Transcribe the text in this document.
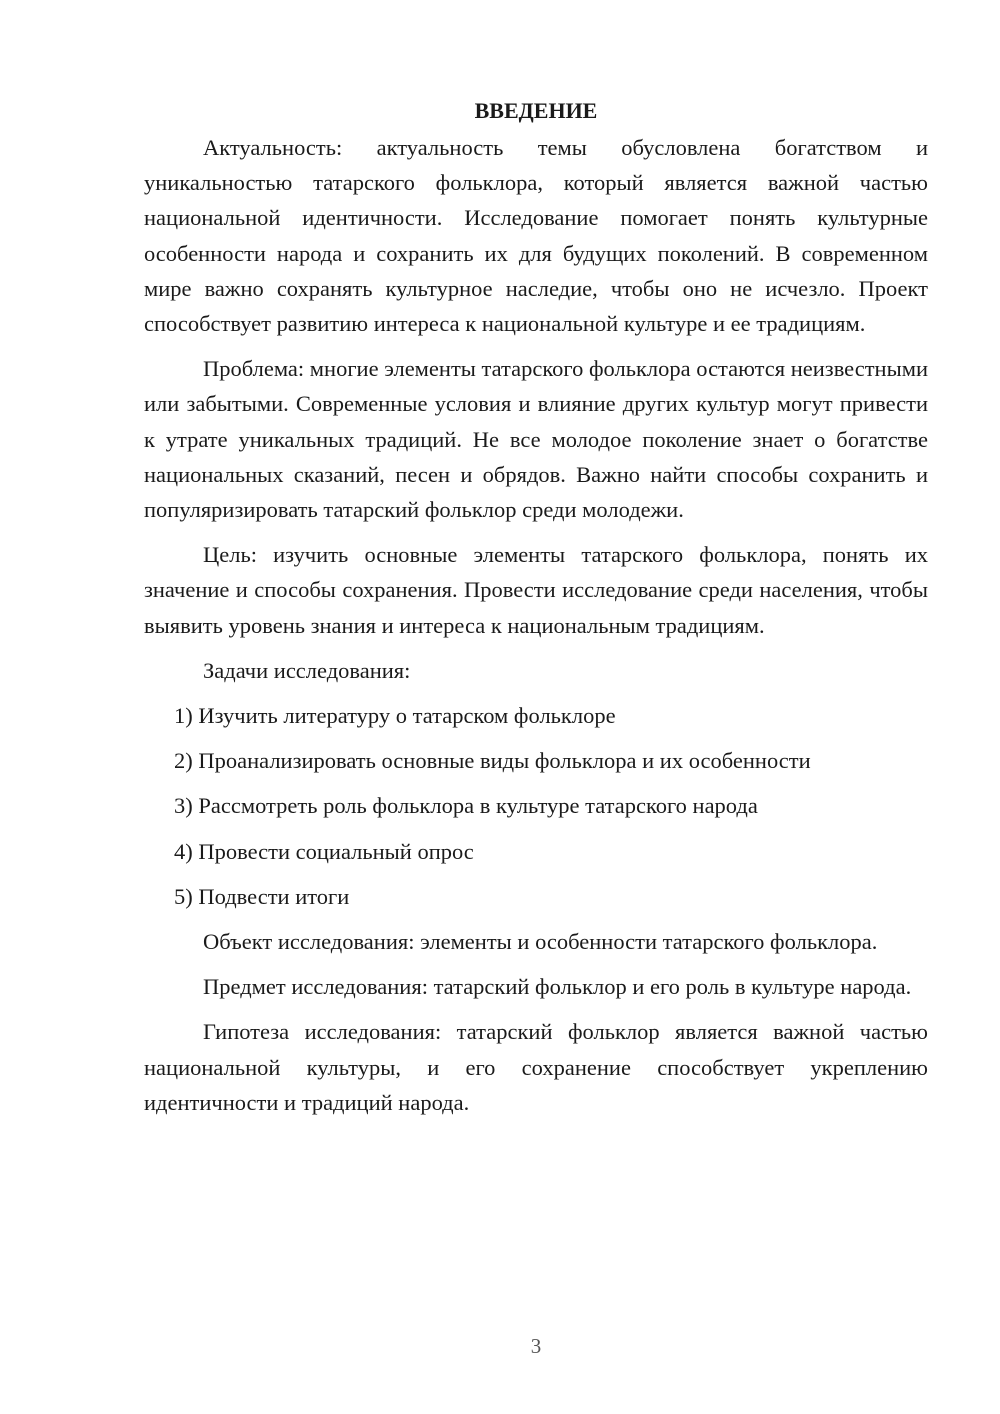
ВВЕДЕНИЕ

Актуальность: актуальность темы обусловлена богатством и уникальностью татарского фольклора, который является важной частью национальной идентичности. Исследование помогает понять культурные особенности народа и сохранить их для будущих поколений. В современном мире важно сохранять культурное наследие, чтобы оно не исчезло. Проект способствует развитию интереса к национальной культуре и ее традициям.

Проблема: многие элементы татарского фольклора остаются неизвестными или забытыми. Современные условия и влияние других культур могут привести к утрате уникальных традиций. Не все молодое поколение знает о богатстве национальных сказаний, песен и обрядов. Важно найти способы сохранить и популяризировать татарский фольклор среди молодежи.

Цель: изучить основные элементы татарского фольклора, понять их значение и способы сохранения. Провести исследование среди населения, чтобы выявить уровень знания и интереса к национальным традициям.

Задачи исследования:

1) Изучить литературу о татарском фольклоре
2) Проанализировать основные виды фольклора и их особенности
3) Рассмотреть роль фольклора в культуре татарского народа
4) Провести социальный опрос
5) Подвести итоги

Объект исследования: элементы и особенности татарского фольклора.

Предмет исследования: татарский фольклор и его роль в культуре народа.

Гипотеза исследования: татарский фольклор является важной частью национальной культуры, и его сохранение способствует укреплению идентичности и традиций народа.

3
